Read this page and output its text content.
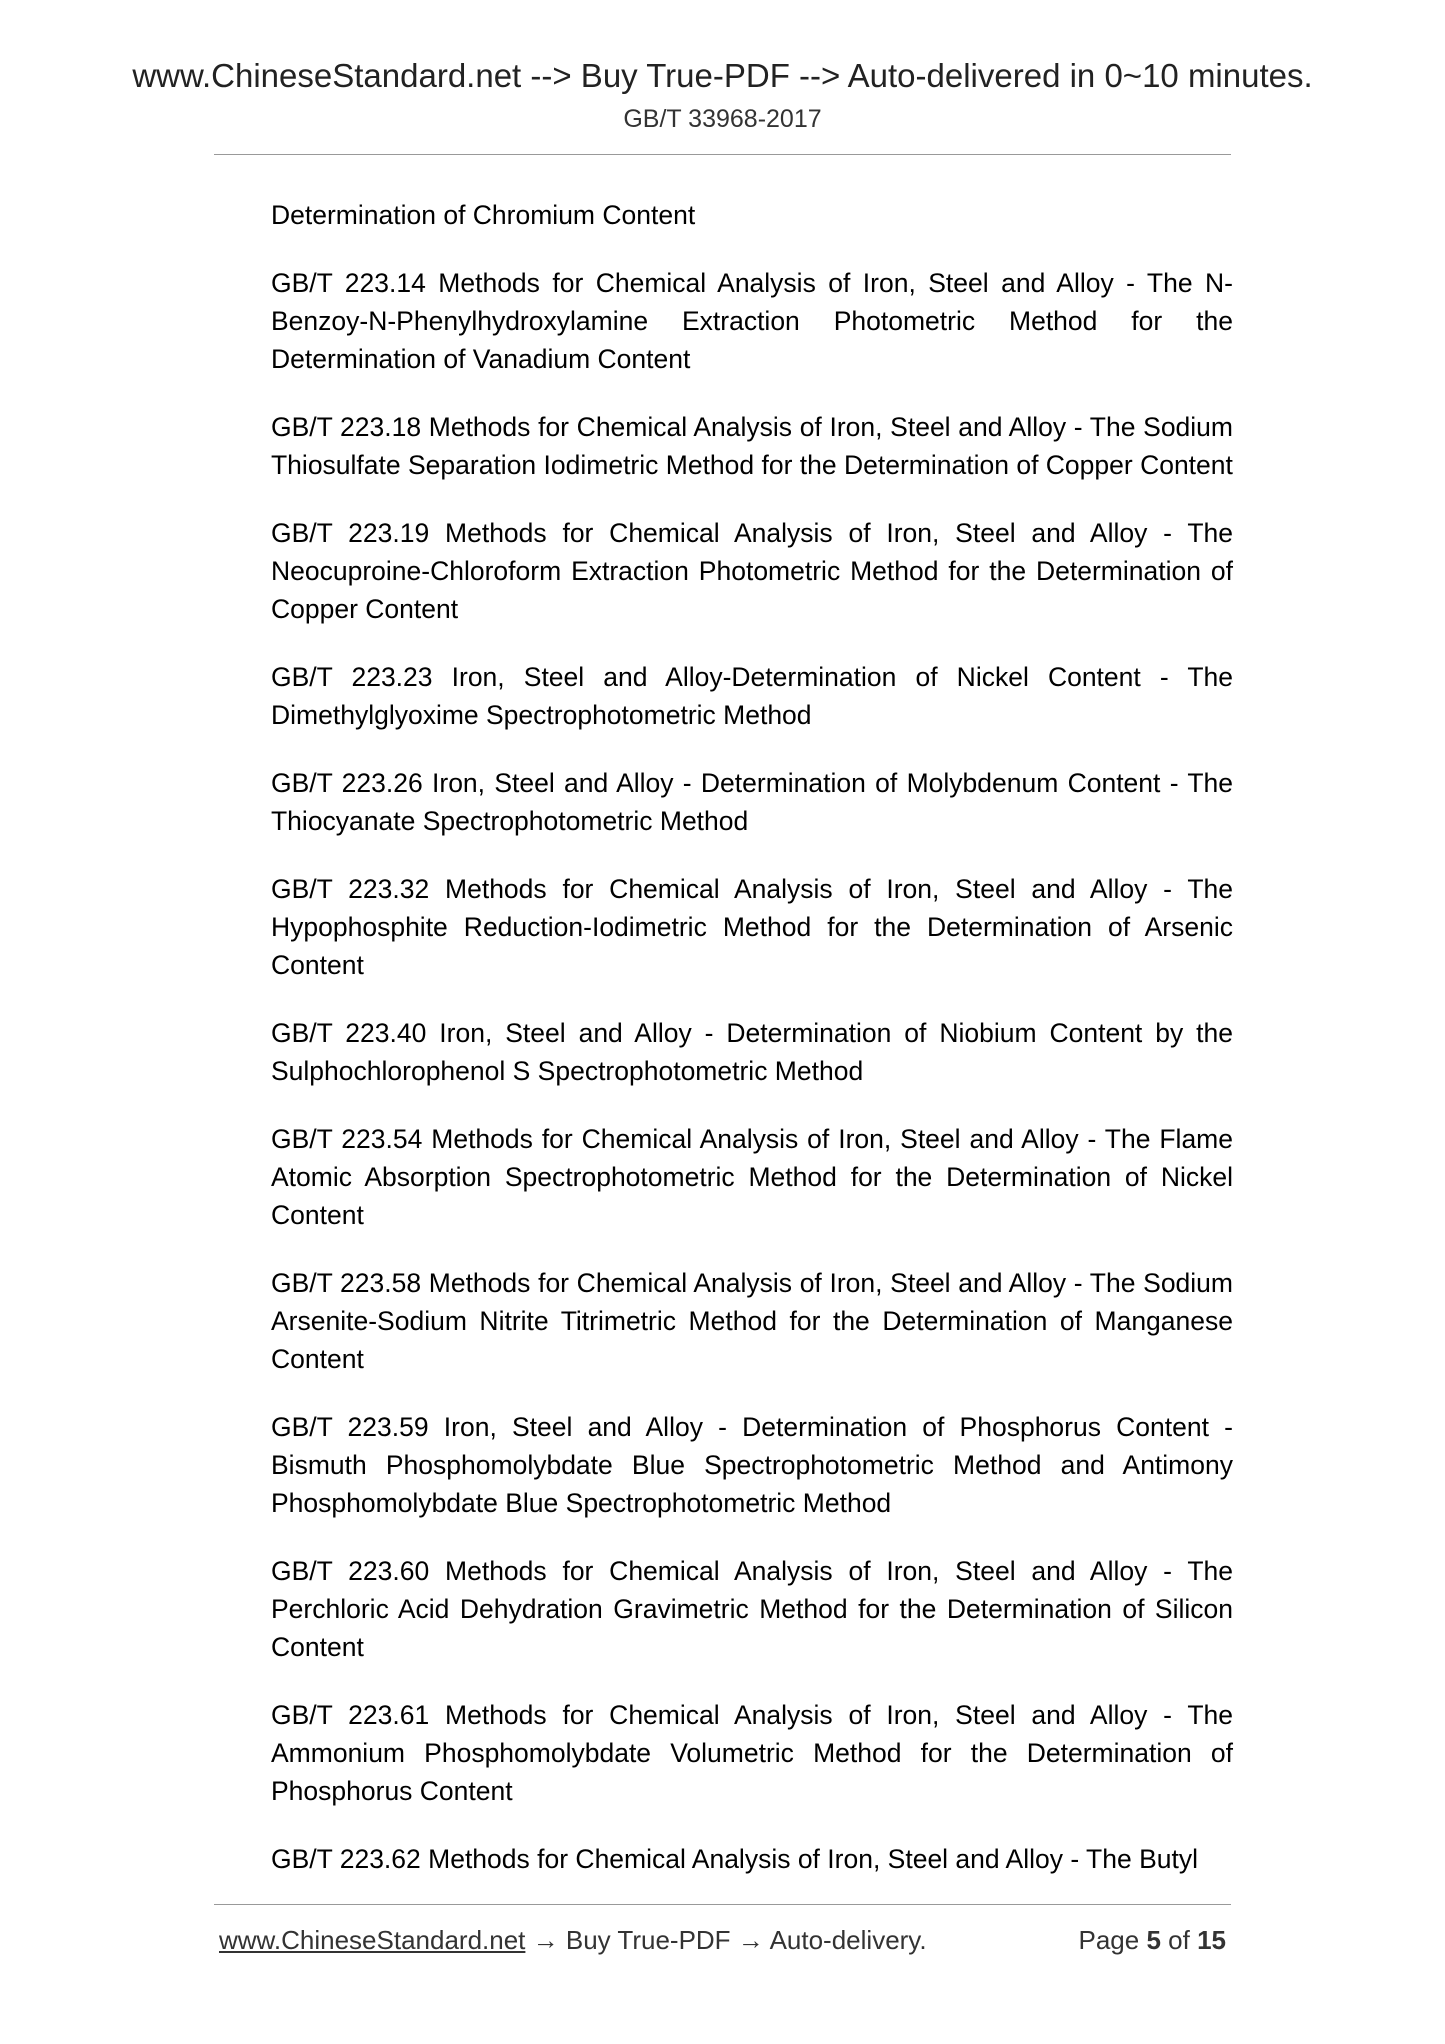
www.ChineseStandard.net --> Buy True-PDF --> Auto-delivered in 0~10 minutes.
GB/T 33968-2017

Determination of Chromium Content

GB/T 223.14 Methods for Chemical Analysis of Iron, Steel and Alloy - The N-Benzoy-N-Phenylhydroxylamine Extraction Photometric Method for the Determination of Vanadium Content

GB/T 223.18 Methods for Chemical Analysis of Iron, Steel and Alloy - The Sodium Thiosulfate Separation Iodimetric Method for the Determination of Copper Content

GB/T 223.19 Methods for Chemical Analysis of Iron, Steel and Alloy - The Neocuproine-Chloroform Extraction Photometric Method for the Determination of Copper Content

GB/T 223.23 Iron, Steel and Alloy-Determination of Nickel Content - The Dimethylglyoxime Spectrophotometric Method

GB/T 223.26 Iron, Steel and Alloy - Determination of Molybdenum Content - The Thiocyanate Spectrophotometric Method

GB/T 223.32 Methods for Chemical Analysis of Iron, Steel and Alloy - The Hypophosphite Reduction-Iodimetric Method for the Determination of Arsenic Content

GB/T 223.40 Iron, Steel and Alloy - Determination of Niobium Content by the Sulphochlorophenol S Spectrophotometric Method

GB/T 223.54 Methods for Chemical Analysis of Iron, Steel and Alloy - The Flame Atomic Absorption Spectrophotometric Method for the Determination of Nickel Content

GB/T 223.58 Methods for Chemical Analysis of Iron, Steel and Alloy - The Sodium Arsenite-Sodium Nitrite Titrimetric Method for the Determination of Manganese Content

GB/T 223.59 Iron, Steel and Alloy - Determination of Phosphorus Content - Bismuth Phosphomolybdate Blue Spectrophotometric Method and Antimony Phosphomolybdate Blue Spectrophotometric Method

GB/T 223.60 Methods for Chemical Analysis of Iron, Steel and Alloy - The Perchloric Acid Dehydration Gravimetric Method for the Determination of Silicon Content

GB/T 223.61 Methods for Chemical Analysis of Iron, Steel and Alloy - The Ammonium Phosphomolybdate Volumetric Method for the Determination of Phosphorus Content

GB/T 223.62 Methods for Chemical Analysis of Iron, Steel and Alloy - The Butyl

www.ChineseStandard.net → Buy True-PDF → Auto-delivery.	Page 5 of 15
